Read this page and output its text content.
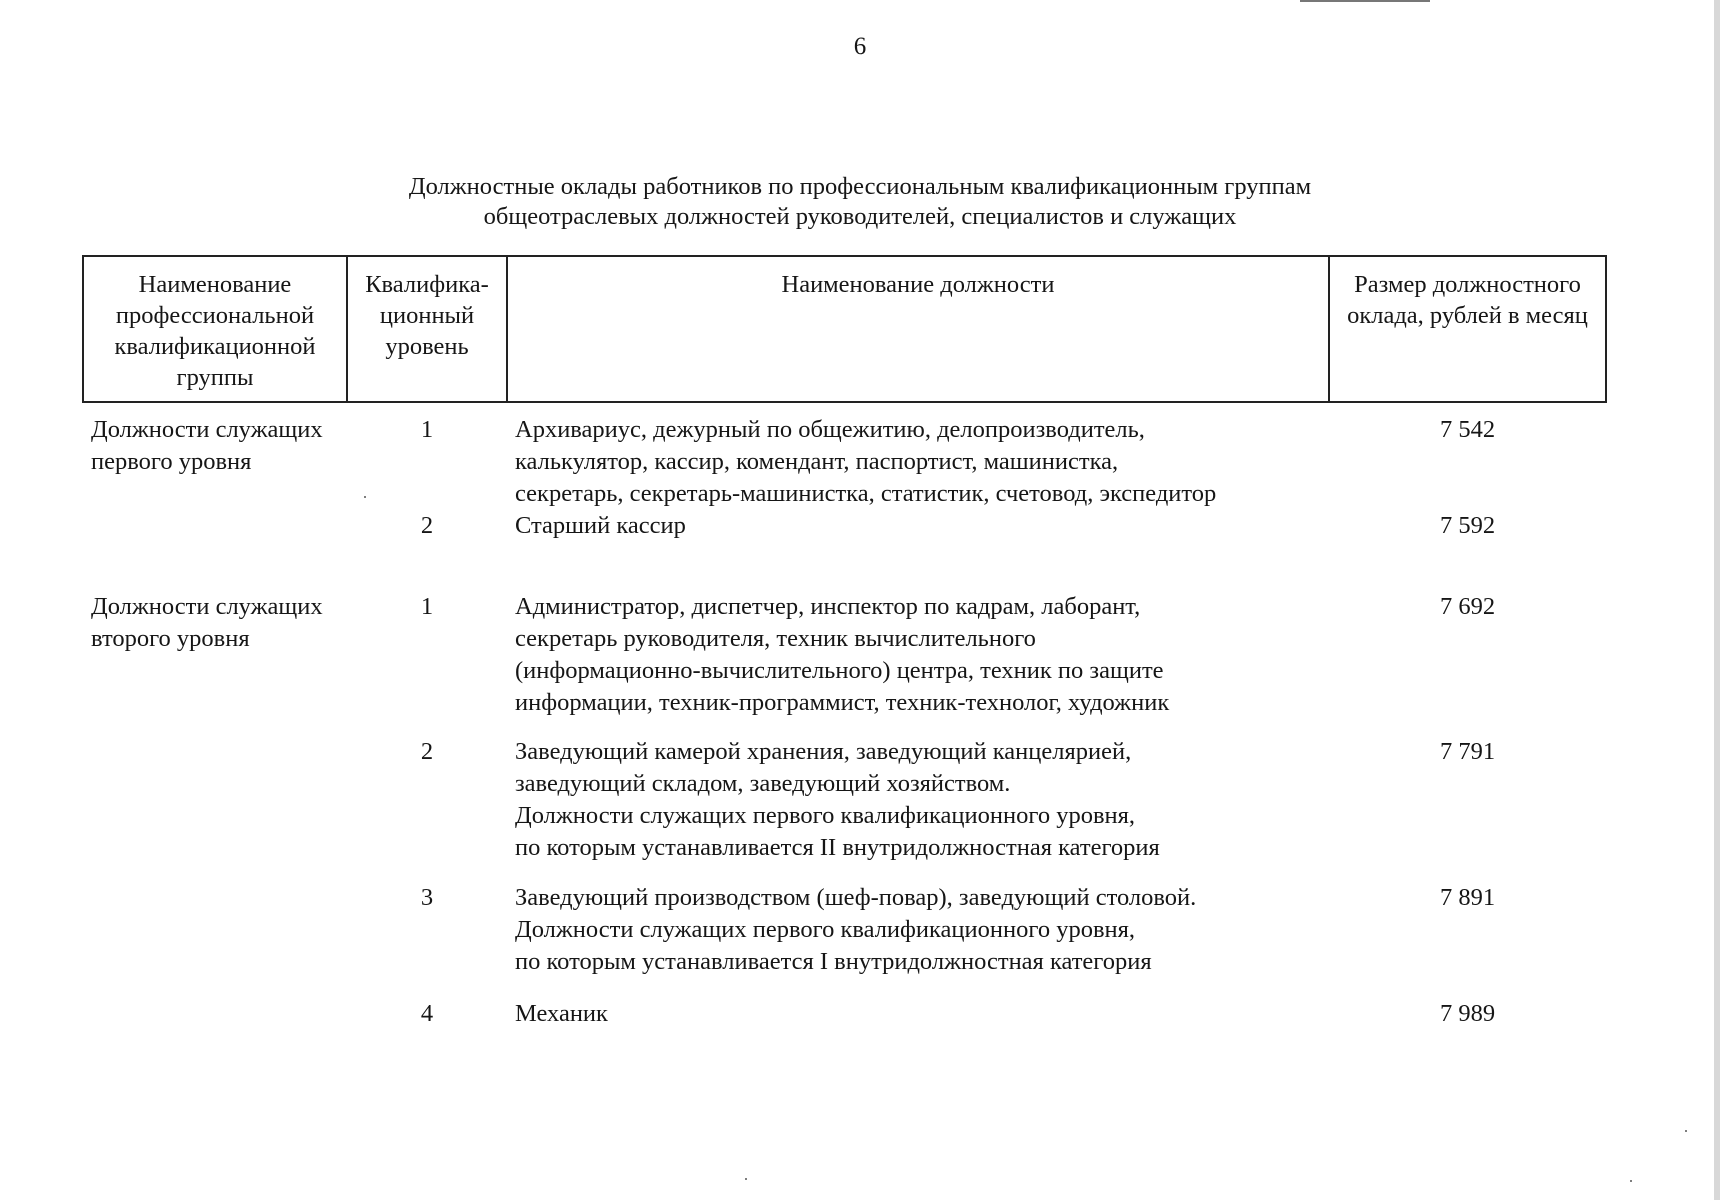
6
Должностные оклады работников по профессиональным квалификационным группам
общеотраслевых должностей руководителей, специалистов и служащих
Наименование профессиональной квалификационной группы	Квалифика-ционный уровень	Наименование должности	Размер должностного оклада, рублей в месяц
Должности служащих первого уровня	1	Архивариус, дежурный по общежитию, делопроизводитель,
калькулятор, кассир, комендант, паспортист, машинистка,
секретарь, секретарь-машинистка, статистик, счетовод, экспедитор	7 542
	2	Старший кассир	7 592
Должности служащих второго уровня	1	Администратор, диспетчер, инспектор по кадрам, лаборант,
секретарь руководителя, техник вычислительного
(информационно-вычислительного) центра, техник по защите
информации, техник-программист, техник-технолог, художник	7 692
	2	Заведующий камерой хранения, заведующий канцелярией,
заведующий складом, заведующий хозяйством.
Должности служащих первого квалификационного уровня,
по которым устанавливается II внутридолжностная категория	7 791
	3	Заведующий производством (шеф-повар), заведующий столовой.
Должности служащих первого квалификационного уровня,
по которым устанавливается I внутридолжностная категория	7 891
	4	Механик	7 989
